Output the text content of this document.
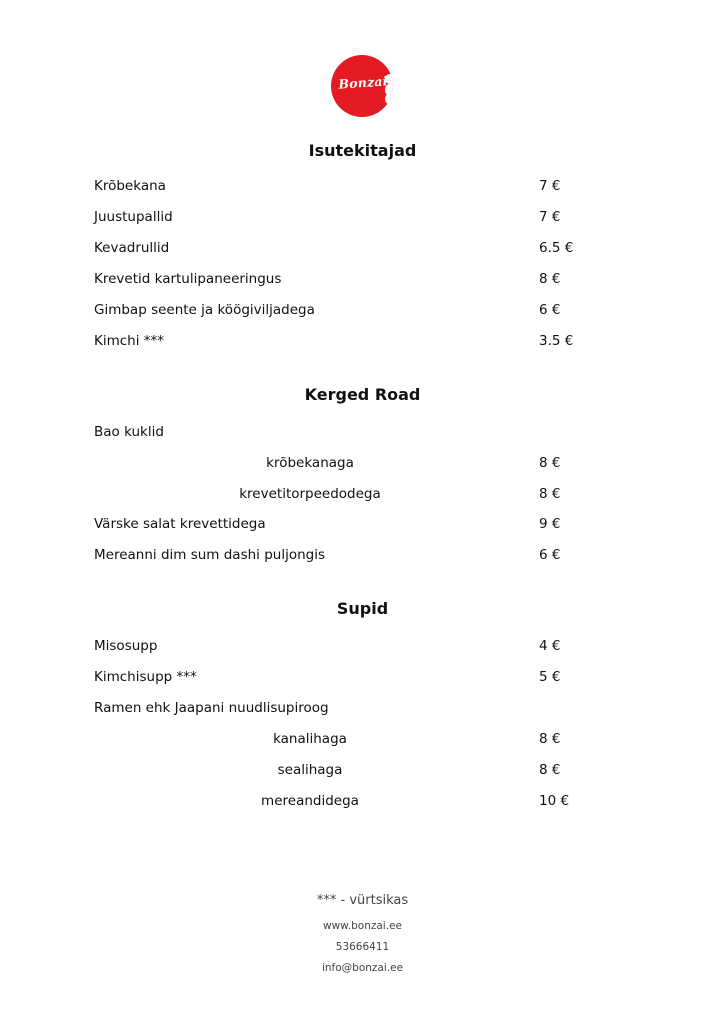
Bonzai
Isutekitajad
Krõbekana	7 €
Juustupallid	7 €
Kevadrullid	6.5 €
Krevetid kartulipaneeringus	8 €
Gimbap seente ja köögiviljadega	6 €
Kimchi ***	3.5 €
Kerged Road
Bao kuklid
krõbekanaga	8 €
krevetitorpeedodega	8 €
Värske salat krevettidega	9 €
Mereanni dim sum dashi puljongis	6 €
Supid
Misosupp	4 €
Kimchisupp ***	5 €
Ramen ehk Jaapani nuudlisupiroog
kanalihaga	8 €
sealihaga	8 €
mereandidega	10 €
*** - vürtsikas
www.bonzai.ee
53666411
info@bonzai.ee
